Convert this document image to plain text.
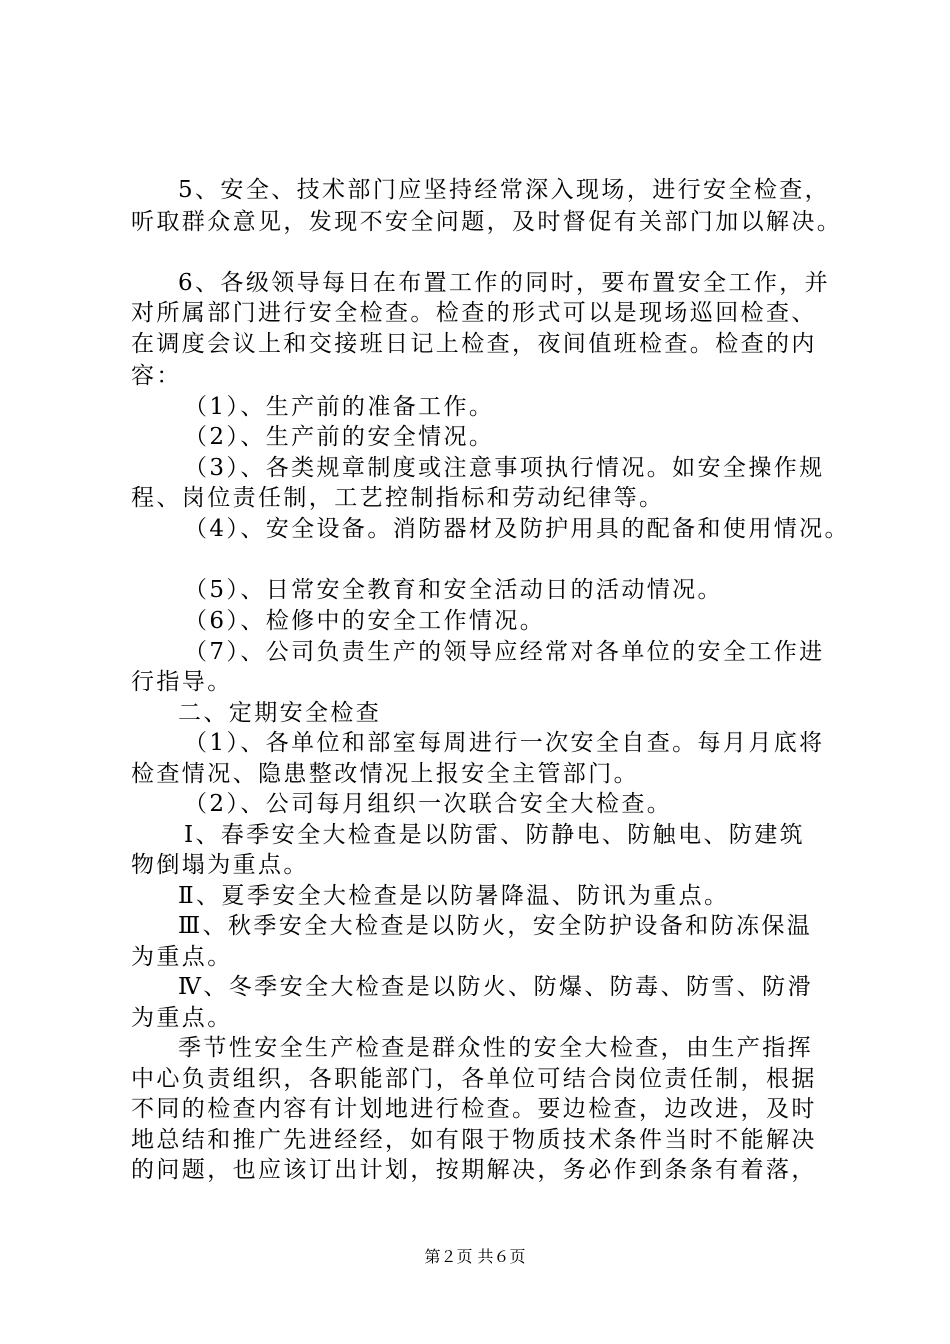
5、安全、技术部门应坚持经常深入现场，进行安全检查，
听取群众意见，发现不安全问题，及时督促有关部门加以解决。
6、各级领导每日在布置工作的同时，要布置安全工作，并
对所属部门进行安全检查。检查的形式可以是现场巡回检查、
在调度会议上和交接班日记上检查，夜间值班检查。检查的内
容：
（1）、生产前的准备工作。
（2）、生产前的安全情况。
（3）、各类规章制度或注意事项执行情况。如安全操作规
程、岗位责任制，工艺控制指标和劳动纪律等。
（4）、安全设备。消防器材及防护用具的配备和使用情况。
（5）、日常安全教育和安全活动日的活动情况。
（6）、检修中的安全工作情况。
（7）、公司负责生产的领导应经常对各单位的安全工作进
行指导。
二、定期安全检查
（1）、各单位和部室每周进行一次安全自查。每月月底将
检查情况、隐患整改情况上报安全主管部门。
（2）、公司每月组织一次联合安全大检查。
Ⅰ、春季安全大检查是以防雷、防静电、防触电、防建筑
物倒塌为重点。
Ⅱ、夏季安全大检查是以防暑降温、防讯为重点。
Ⅲ、秋季安全大检查是以防火，安全防护设备和防冻保温
为重点。
Ⅳ、冬季安全大检查是以防火、防爆、防毒、防雪、防滑
为重点。
季节性安全生产检查是群众性的安全大检查，由生产指挥
中心负责组织，各职能部门，各单位可结合岗位责任制，根据
不同的检查内容有计划地进行检查。要边检查，边改进，及时
地总结和推广先进经经，如有限于物质技术条件当时不能解决
的问题，也应该订出计划，按期解决，务必作到条条有着落，
第２页 共６页
